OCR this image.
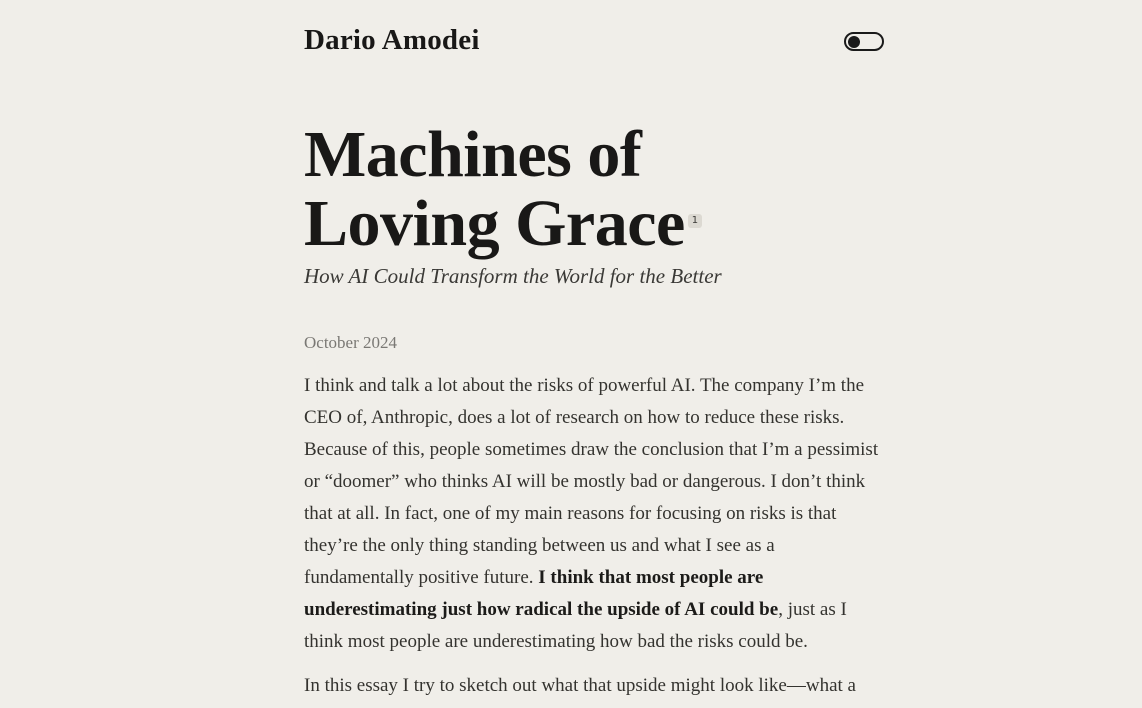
Dario Amodei
Machines of
Loving Grace $^1$

How AI Could Transform the World for the Better

October 2024

I think and talk a lot about the risks of powerful AI. The company I’m the CEO of, Anthropic, does a lot of research on how to reduce these risks. Because of this, people sometimes draw the conclusion that I’m a pessimist or “doomer” who thinks AI will be mostly bad or dangerous. I don’t think that at all. In fact, one of my main reasons for focusing on risks is that they’re the only thing standing between us and what I see as a fundamentally positive future. I think that most people are underestimating just how radical the upside of AI could be, just as I think most people are underestimating how bad the risks could be.

In this essay I try to sketch out what that upside might look like—what a
